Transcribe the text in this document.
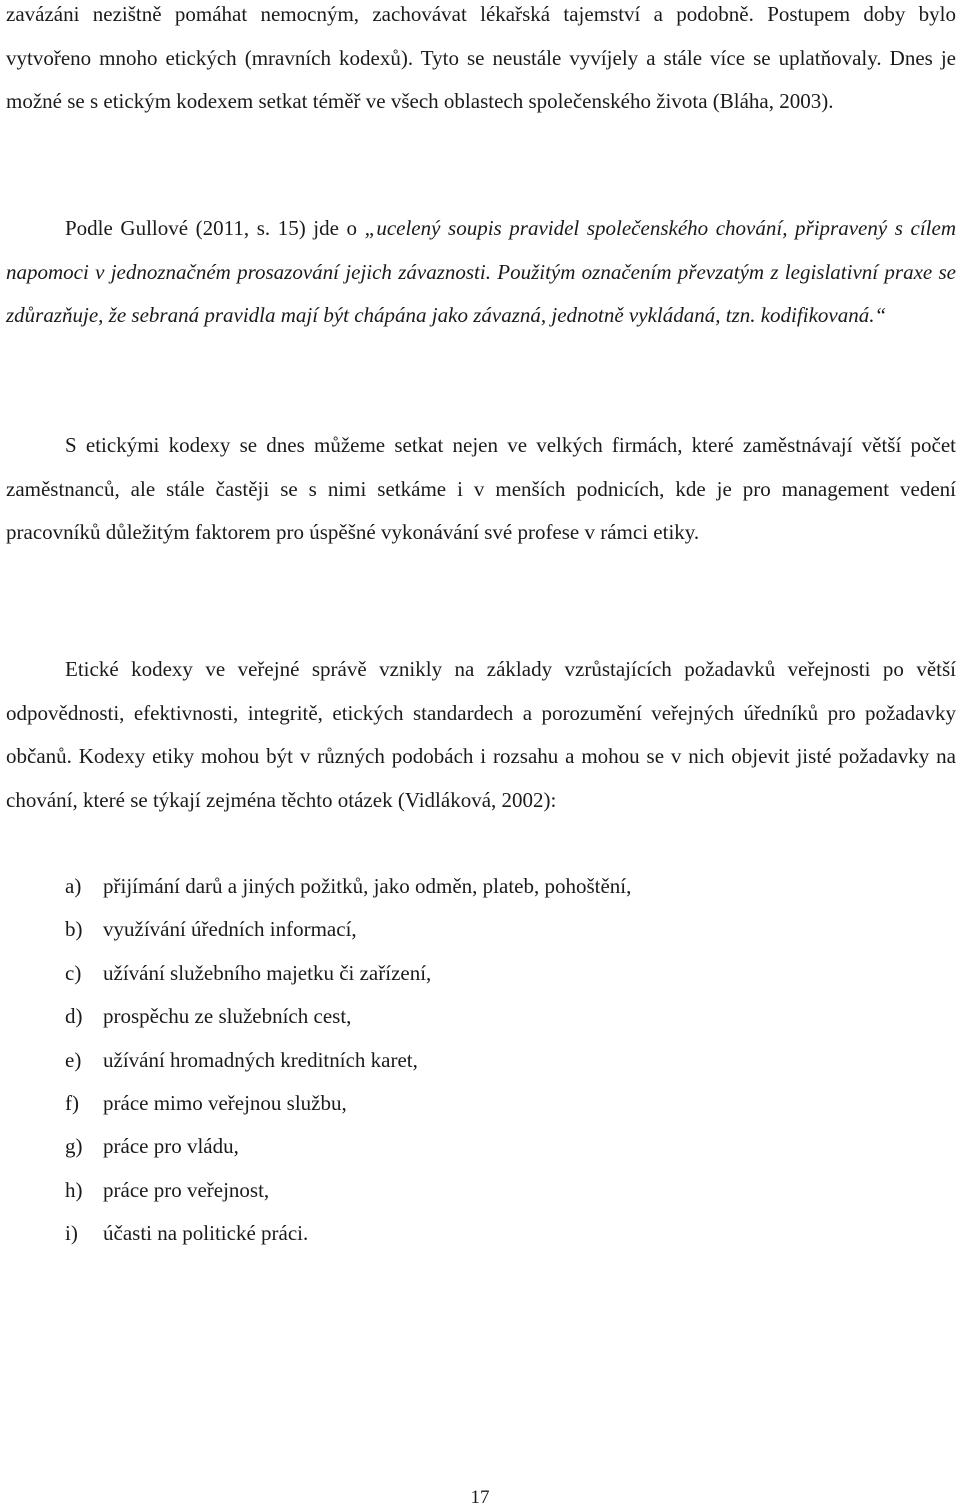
zavázáni nezištně pomáhat nemocným, zachovávat lékařská tajemství a podobně. Postupem doby bylo vytvořeno mnoho etických (mravních kodexů). Tyto se neustále vyvíjely a stále více se uplatňovaly. Dnes je možné se s etickým kodexem setkat téměř ve všech oblastech společenského života (Bláha, 2003).

Podle Gullové (2011, s. 15) jde o „ucelený soupis pravidel společenského chování, připravený s cílem napomoci v jednoznačném prosazování jejich závaznosti. Použitým označením převzatým z legislativní praxe se zdůrazňuje, že sebraná pravidla mají být chápána jako závazná, jednotně vykládaná, tzn. kodifikovaná.“

S etickými kodexy se dnes můžeme setkat nejen ve velkých firmách, které zaměstnávají větší počet zaměstnanců, ale stále častěji se s nimi setkáme i v menších podnicích, kde je pro management vedení pracovníků důležitým faktorem pro úspěšné vykonávání své profese v rámci etiky.

Etické kodexy ve veřejné správě vznikly na základy vzrůstajících požadavků veřejnosti po větší odpovědnosti, efektivnosti, integritě, etických standardech a porozumění veřejných úředníků pro požadavky občanů. Kodexy etiky mohou být v různých podobách i rozsahu a mohou se v nich objevit jisté požadavky na chování, které se týkají zejména těchto otázek (Vidláková, 2002):

a) přijímání darů a jiných požitků, jako odměn, plateb, pohoštění,
b) využívání úředních informací,
c) užívání služebního majetku či zařízení,
d) prospěchu ze služebních cest,
e) užívání hromadných kreditních karet,
f) práce mimo veřejnou službu,
g) práce pro vládu,
h) práce pro veřejnost,
i) účasti na politické práci.
17
